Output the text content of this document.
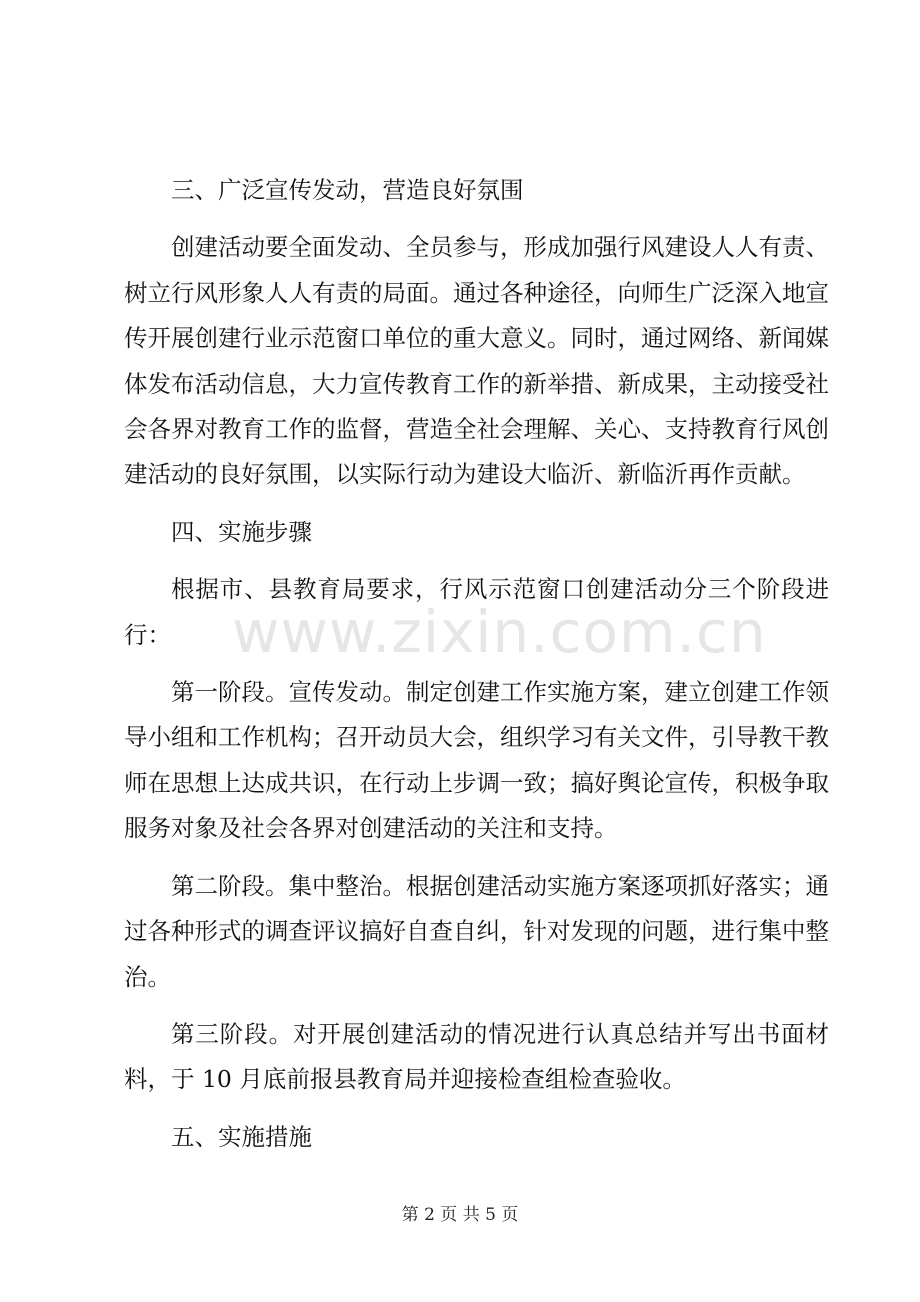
www.zixin.com.cn

三、广泛宣传发动，营造良好氛围

创建活动要全面发动、全员参与，形成加强行风建设人人有责、树立行风形象人人有责的局面。通过各种途径，向师生广泛深入地宣传开展创建行业示范窗口单位的重大意义。同时，通过网络、新闻媒体发布活动信息，大力宣传教育工作的新举措、新成果，主动接受社会各界对教育工作的监督，营造全社会理解、关心、支持教育行风创建活动的良好氛围，以实际行动为建设大临沂、新临沂再作贡献。

四、实施步骤

根据市、县教育局要求，行风示范窗口创建活动分三个阶段进行：

第一阶段。宣传发动。制定创建工作实施方案，建立创建工作领导小组和工作机构；召开动员大会，组织学习有关文件，引导教干教师在思想上达成共识，在行动上步调一致；搞好舆论宣传，积极争取服务对象及社会各界对创建活动的关注和支持。

第二阶段。集中整治。根据创建活动实施方案逐项抓好落实；通过各种形式的调查评议搞好自查自纠，针对发现的问题，进行集中整治。

第三阶段。对开展创建活动的情况进行认真总结并写出书面材料，于 10 月底前报县教育局并迎接检查组检查验收。

五、实施措施

第 2 页 共 5 页
